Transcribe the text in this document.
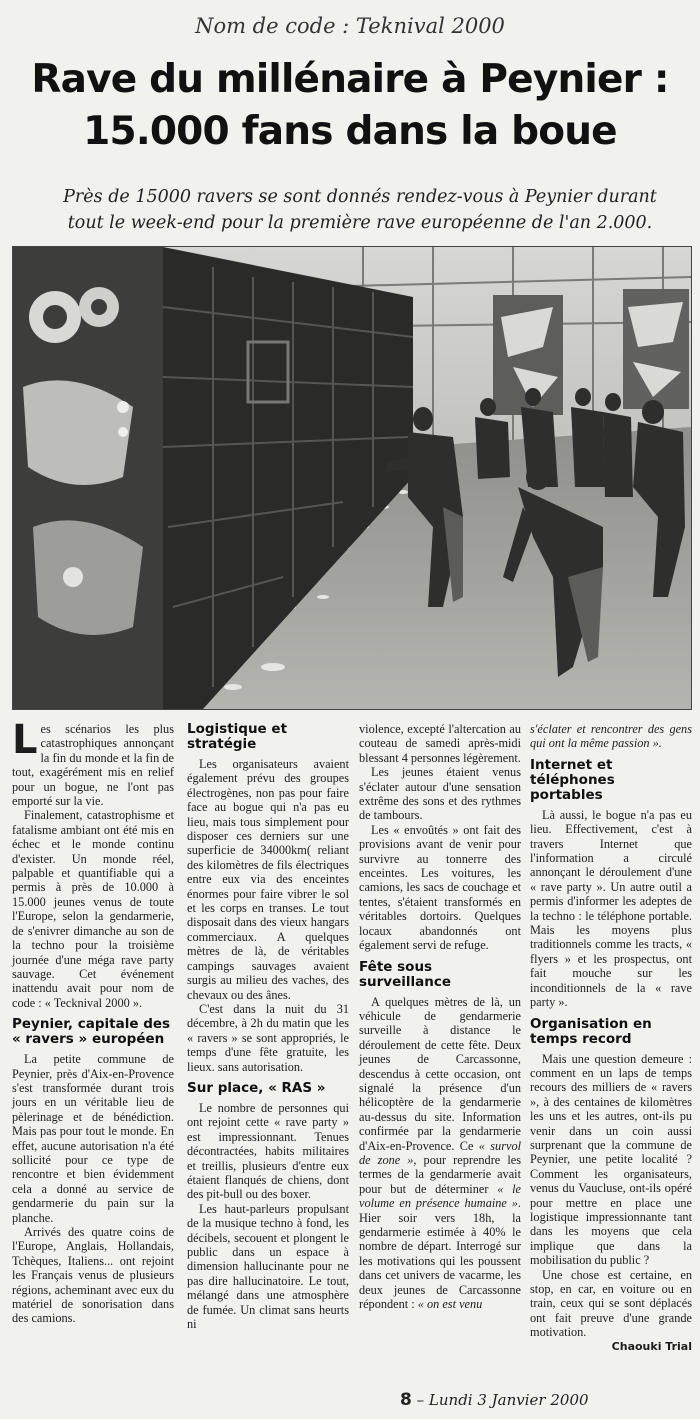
Nom de code : Teknival 2000
Rave du millénaire à Peynier :
15.000 fans dans la boue
Près de 15000 ravers se sont donnés rendez-vous à Peynier durant tout le week-end pour la première rave européenne de l'an 2.000.

Les scénarios les plus catastrophiques annonçant la fin du monde et la fin de tout, exagérément mis en relief pour un bogue, ne l'ont pas emporté sur la vie.

Finalement, catastrophisme et fatalisme ambiant ont été mis en échec et le monde continu d'exister. Un monde réel, palpable et quantifiable qui a permis à près de 10.000 à 15.000 jeunes venus de toute l'Europe, selon la gendarmerie, de s'enivrer dimanche au son de la techno pour la troisième journée d'une méga rave party sauvage. Cet événement inattendu avait pour nom de code : « Tecknival 2000 ».

Peynier, capitale des « ravers » européen

La petite commune de Peynier, près d'Aix-en-Provence s'est transformée durant trois jours en un véritable lieu de pèlerinage et de bénédiction. Mais pas pour tout le monde. En effet, aucune autorisation n'a été sollicité pour ce type de rencontre et bien évidemment cela a donné au service de gendarmerie du pain sur la planche.

Arrivés des quatre coins de l'Europe, Anglais, Hollandais, Tchèques, Italiens... ont rejoint les Français venus de plusieurs régions, acheminant avec eux du matériel de sonorisation dans des camions.

Logistique et stratégie

Les organisateurs avaient également prévu des groupes électrogènes, non pas pour faire face au bogue qui n'a pas eu lieu, mais tous simplement pour disposer ces derniers sur une superficie de 34000km( reliant des kilomètres de fils électriques entre eux via des enceintes énormes pour faire vibrer le sol et les corps en transes. Le tout disposait dans des vieux hangars commerciaux. A quelques mètres de là, de véritables campings sauvages avaient surgis au milieu des vaches, des chevaux ou des ânes.

C'est dans la nuit du 31 décembre, à 2h du matin que les « ravers » se sont appropriés, le temps d'une fête gratuite, les lieux. sans autorisation.

Sur place, « RAS »

Le nombre de personnes qui ont rejoint cette « rave party » est impressionnant. Tenues décontractées, habits militaires et treillis, plusieurs d'entre eux étaient flanqués de chiens, dont des pit-bull ou des boxer.

Les haut-parleurs propulsant de la musique techno à fond, les décibels, secouent et plongent le public dans un espace à dimension hallucinante pour ne pas dire hallucinatoire. Le tout, mélangé dans une atmosphère de fumée. Un climat sans heurts ni

violence, excepté l'altercation au couteau de samedi après-midi blessant 4 personnes légèrement.

Les jeunes étaient venus s'éclater autour d'une sensation extrême des sons et des rythmes de tambours.

Les « envoûtés » ont fait des provisions avant de venir pour survivre au tonnerre des enceintes. Les voitures, les camions, les sacs de couchage et tentes, s'étaient transformés en véritables dortoirs. Quelques locaux abandonnés ont également servi de refuge.

Fête sous surveillance

A quelques mètres de là, un véhicule de gendarmerie surveille à distance le déroulement de cette fête. Deux jeunes de Carcassonne, descendus à cette occasion, ont signalé la présence d'un hélicoptère de la gendarmerie au-dessus du site. Information confirmée par la gendarmerie d'Aix-en-Provence. Ce « survol de zone », pour reprendre les termes de la gendarmerie avait pour but de déterminer « le volume en présence humaine ». Hier soir vers 18h, la gendarmerie estimée à 40% le nombre de départ. Interrogé sur les motivations qui les poussent dans cet univers de vacarme, les deux jeunes de Carcassonne répondent : « on est venu

s'éclater et rencontrer des gens qui ont la même passion ».

Internet et téléphones portables

Là aussi, le bogue n'a pas eu lieu. Effectivement, c'est à travers Internet que l'information a circulé annonçant le déroulement d'une « rave party ». Un autre outil a permis d'informer les adeptes de la techno : le téléphone portable. Mais les moyens plus traditionnels comme les tracts, « flyers » et les prospectus, ont fait mouche sur les inconditionnels de la « rave party ».

Organisation en temps record

Mais une question demeure : comment en un laps de temps recours des milliers de « ravers », à des centaines de kilomètres les uns et les autres, ont-ils pu venir dans un coin aussi surprenant que la commune de Peynier, une petite localité ? Comment les organisateurs, venus du Vaucluse, ont-ils opéré pour mettre en place une logistique impressionnante tant dans les moyens que cela implique que dans la mobilisation du public ?

Une chose est certaine, en stop, en car, en voiture ou en train, ceux qui se sont déplacés ont fait preuve d'une grande motivation.

Chaouki Trial
8 – Lundi 3 Janvier 2000
